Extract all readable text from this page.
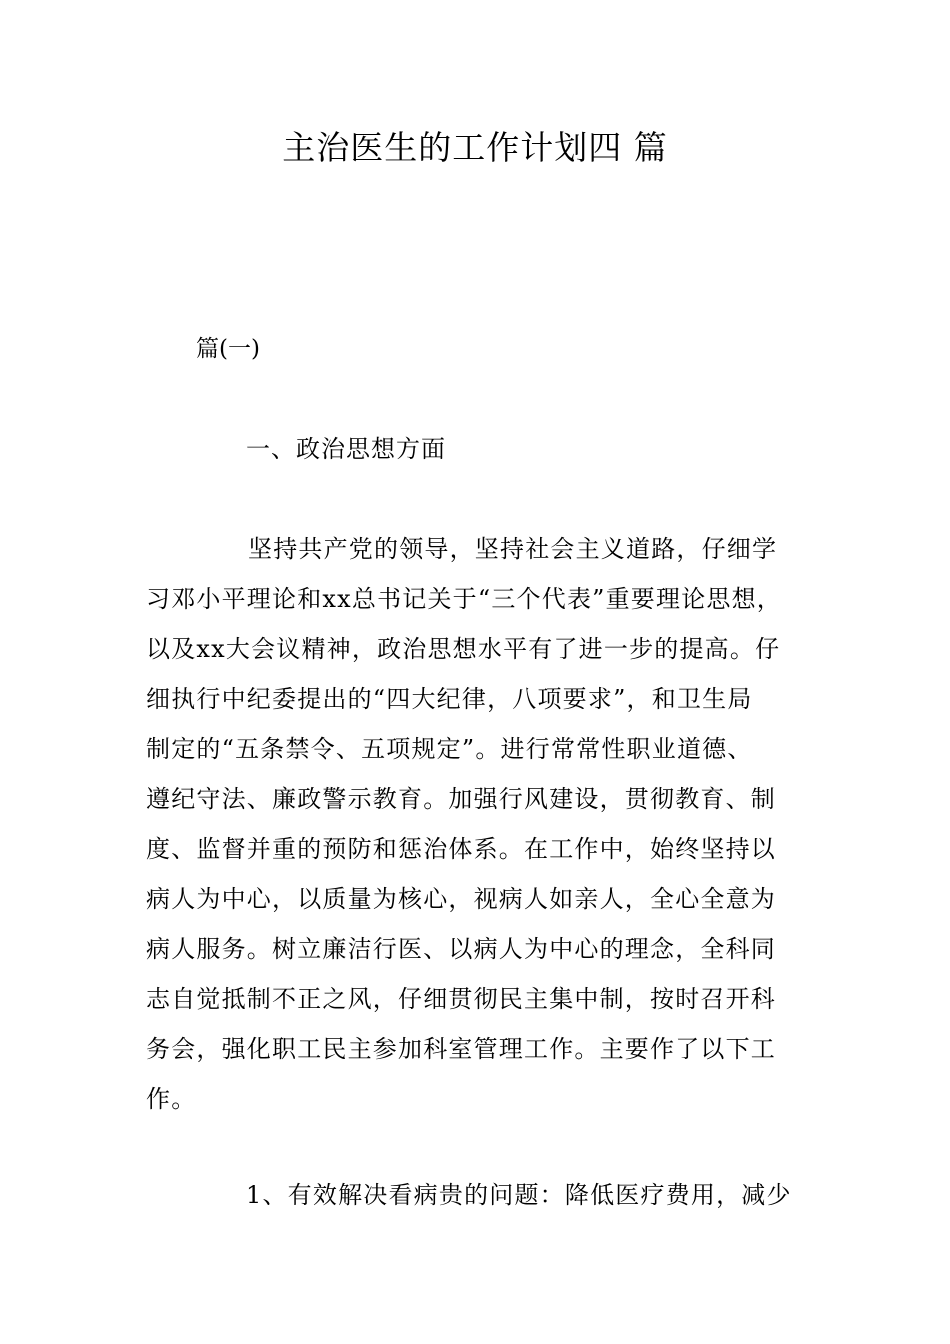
主治医生的工作计划四 篇

篇(一)

一、政治思想方面

坚持共产党的领导，坚持社会主义道路，仔细学
习邓小平理论和xx总书记关于“三个代表”重要理论思想，
以及xx大会议精神，政治思想水平有了进一步的提高。仔
细执行中纪委提出的“四大纪律，八项要求”，和卫生局
制定的“五条禁令、五项规定”。进行常常性职业道德、
遵纪守法、廉政警示教育。加强行风建设，贯彻教育、制
度、监督并重的预防和惩治体系。在工作中，始终坚持以
病人为中心，以质量为核心，视病人如亲人，全心全意为
病人服务。树立廉洁行医、以病人为中心的理念，全科同
志自觉抵制不正之风，仔细贯彻民主集中制，按时召开科
务会，强化职工民主参加科室管理工作。主要作了以下工
作。
1、有效解决看病贵的问题：降低医疗费用，减少
